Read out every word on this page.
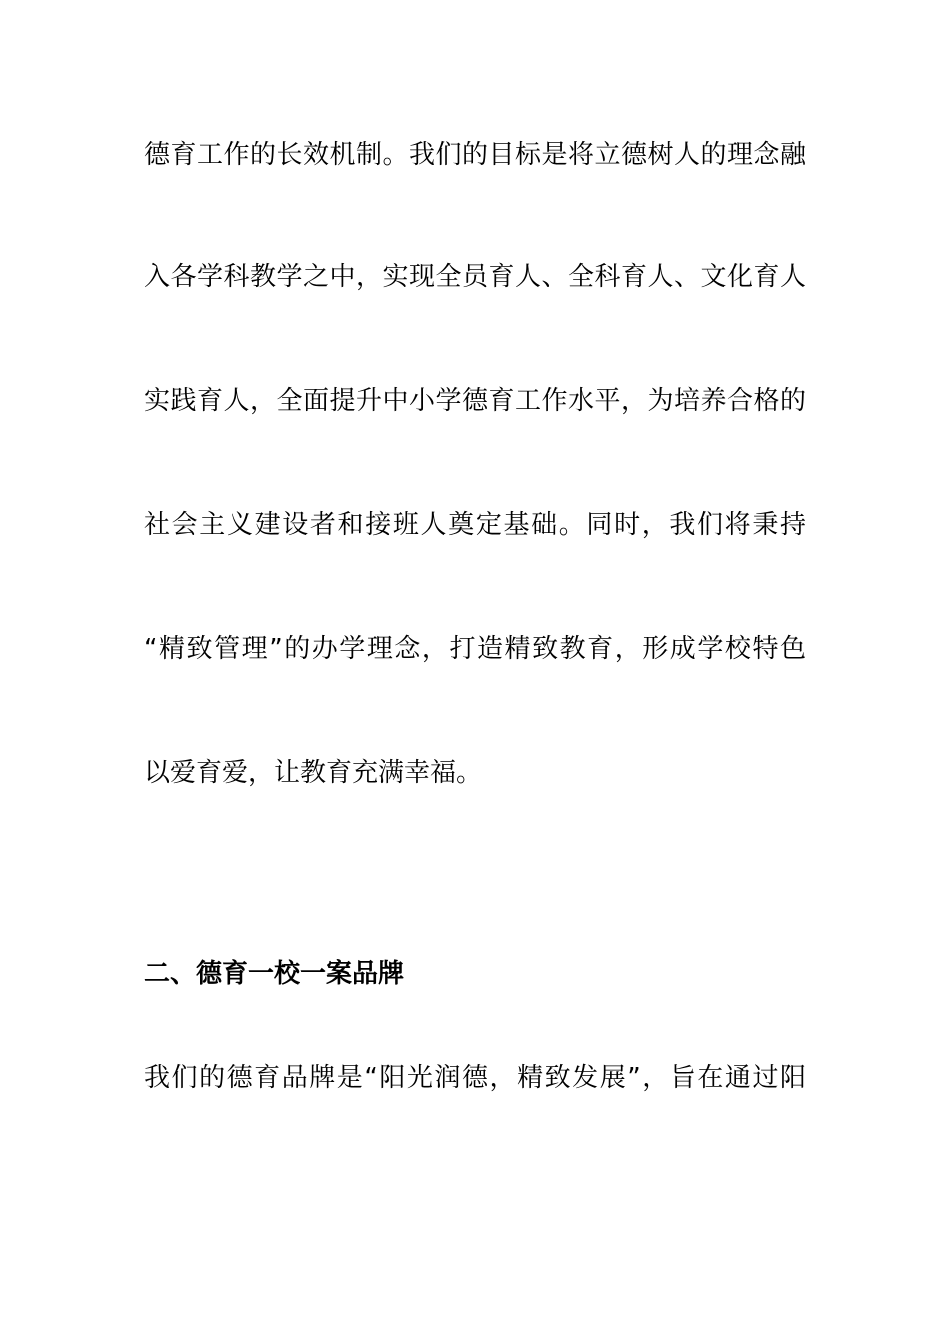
德育工作的长效机制。我们的目标是将立德树人的理念融
入各学科教学之中，实现全员育人、全科育人、文化育人
实践育人，全面提升中小学德育工作水平，为培养合格的
社会主义建设者和接班人奠定基础。同时，我们将秉持
“精致管理”的办学理念，打造精致教育，形成学校特色
以爱育爱，让教育充满幸福。
二、德育一校一案品牌
我们的德育品牌是“阳光润德，精致发展”，旨在通过阳
